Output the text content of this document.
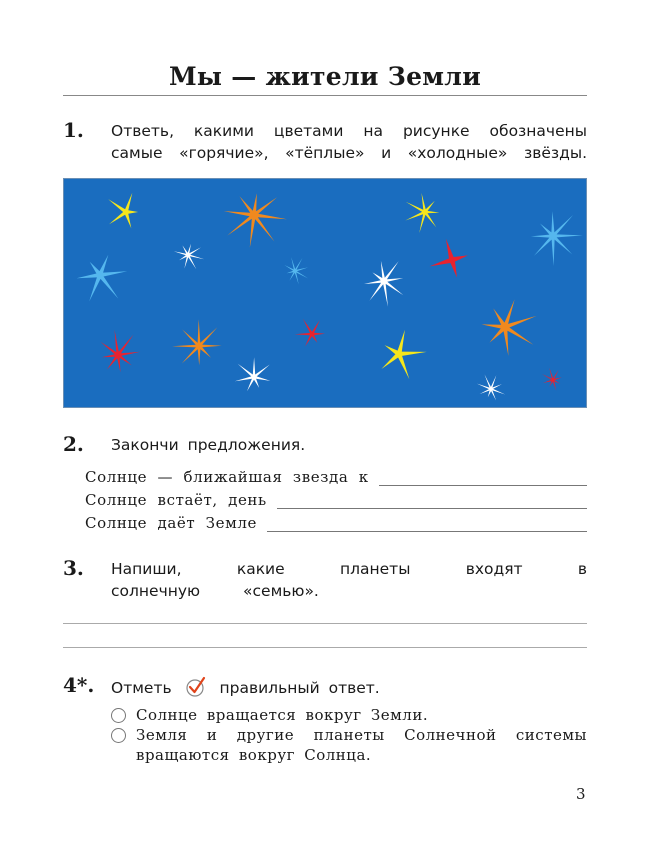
Мы — жители Земли
1. Ответь, какими цветами на рисунке обозначены самые «горячие», «тёплые» и «холодные» звёзды.
2. Закончи предложения.
Солнце — ближайшая звезда к
Солнце встаёт, день
Солнце даёт Земле
3. Напиши, какие планеты входят в солнечную «семью».
4*. Отметь	правильный ответ.
Солнце вращается вокруг Земли.
Земля и другие планеты Солнечной системы вращаются вокруг Солнца.
3
